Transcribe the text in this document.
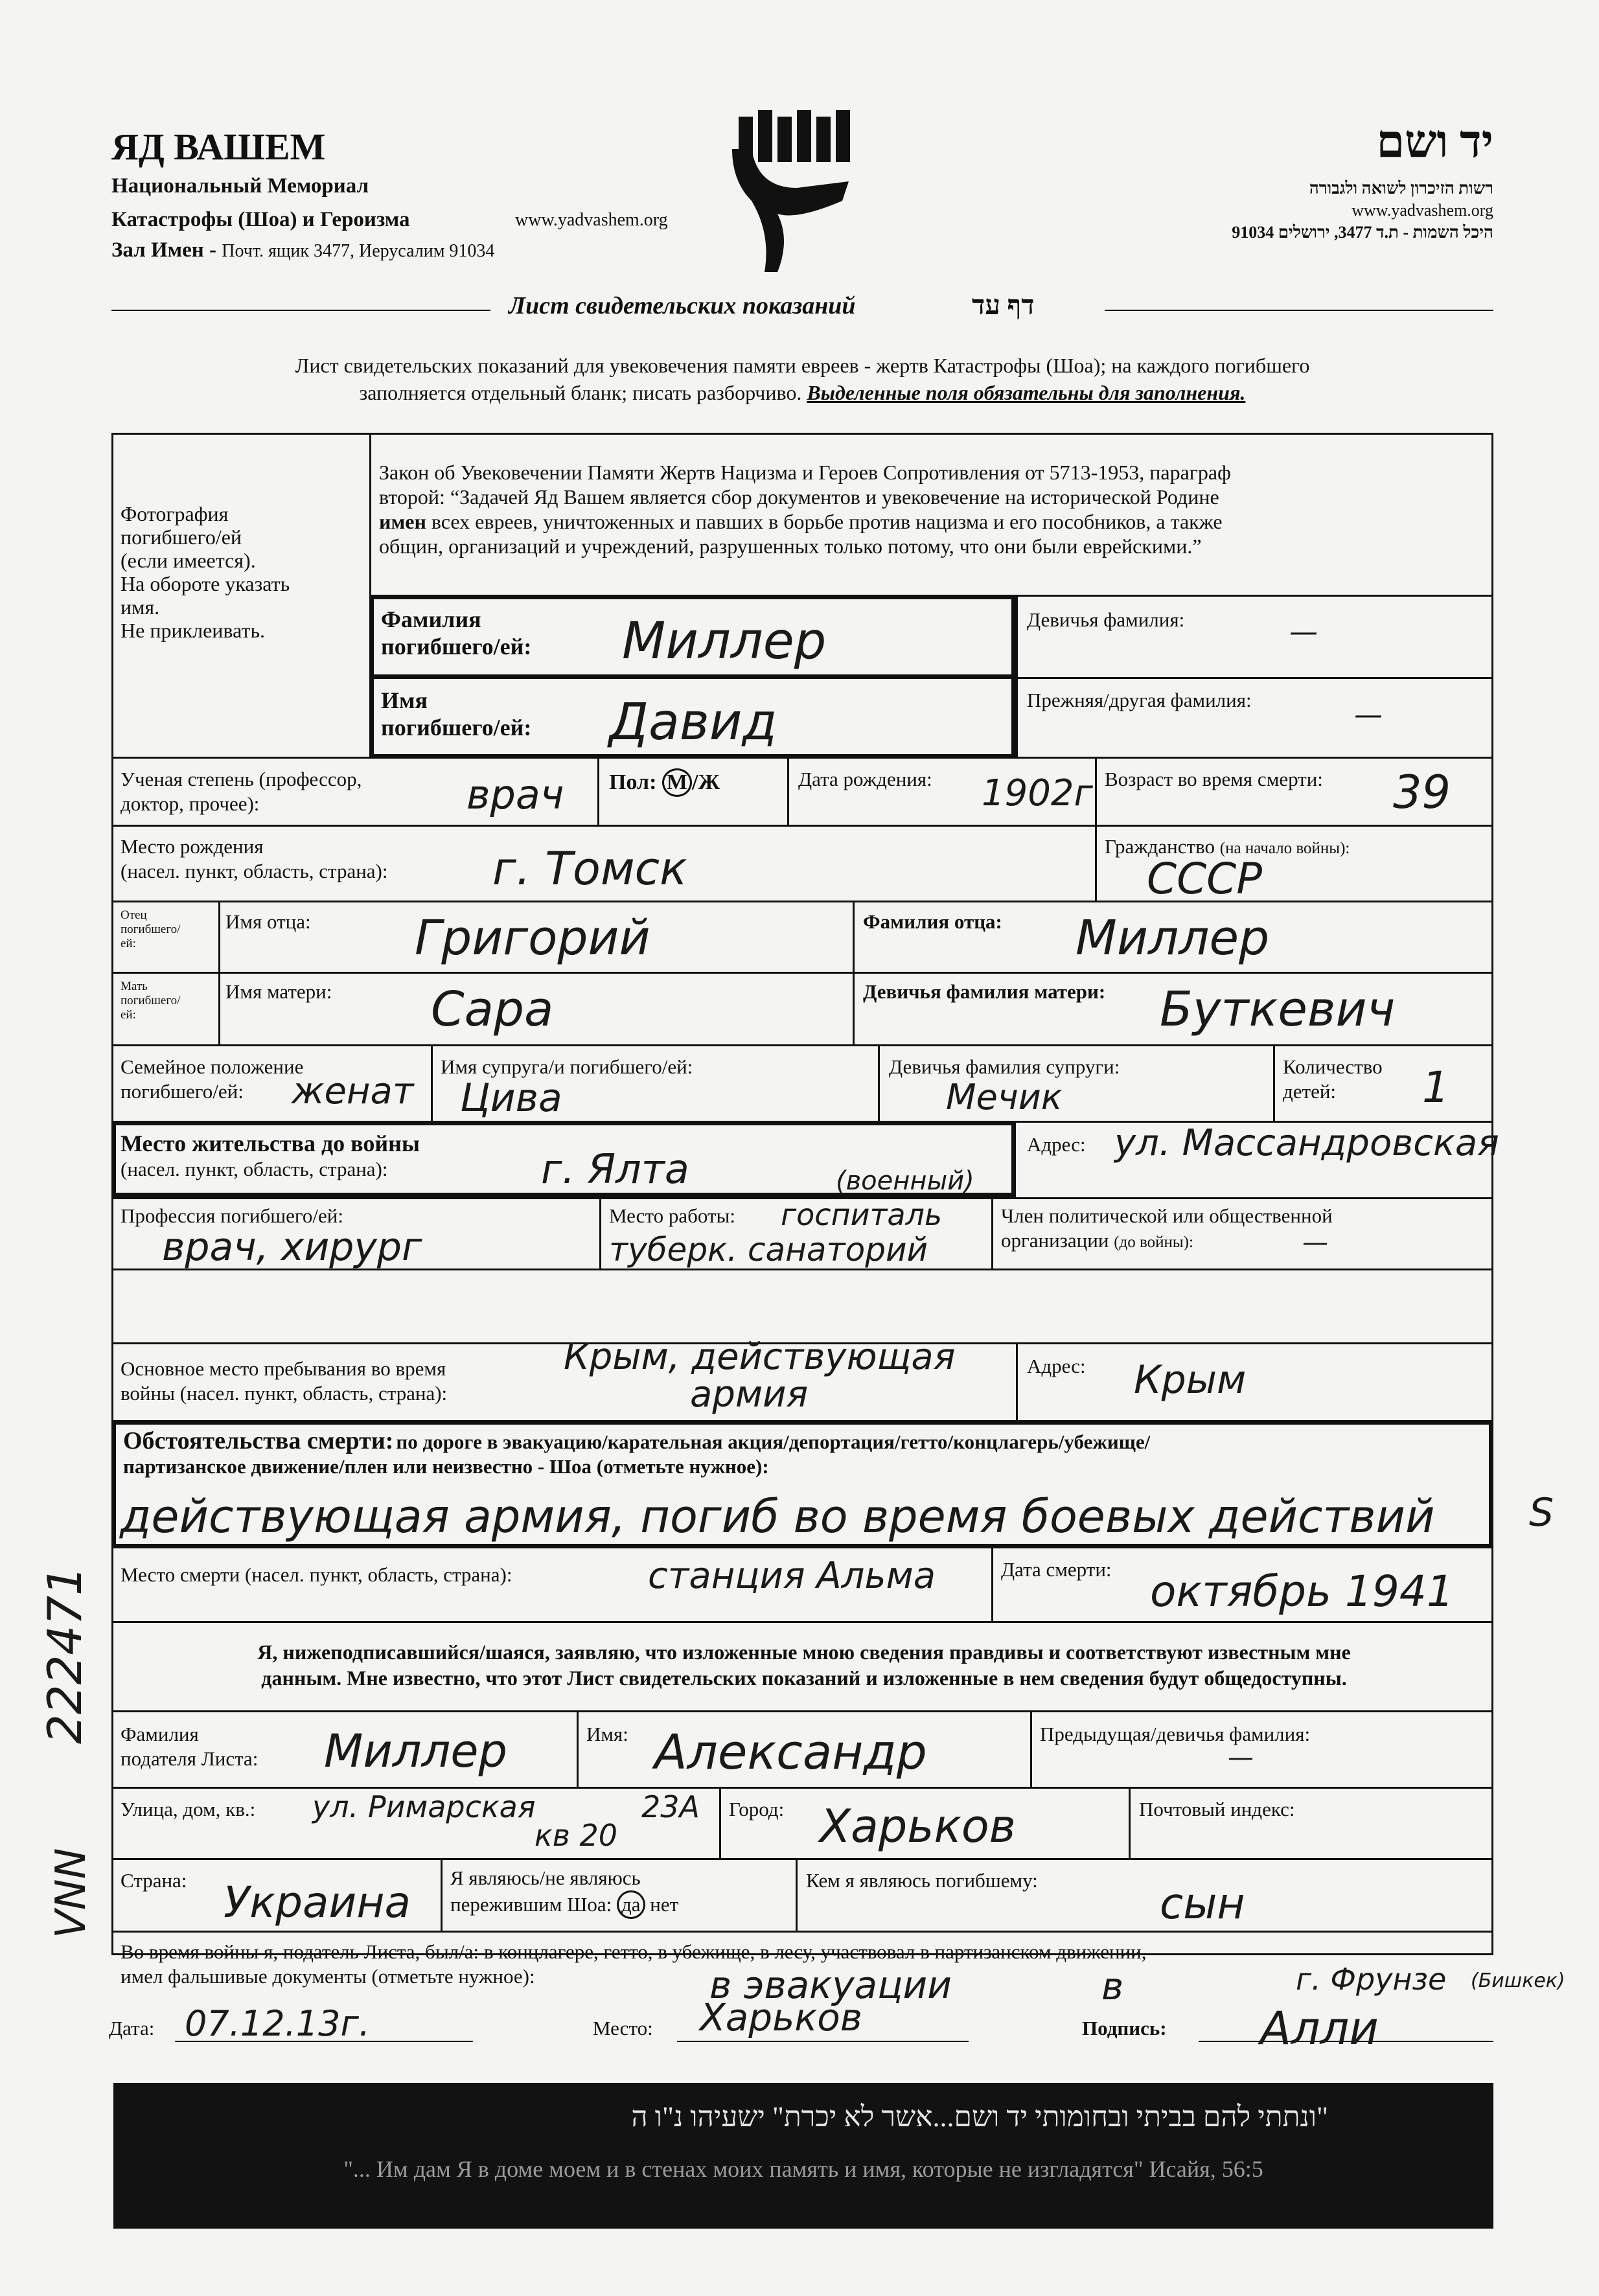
ЯД ВАШЕМ
Национальный Мемориал
Катастрофы (Шоа) и Героизма	www.yadvashem.org
Зал Имен - Почт. ящик 3477, Иерусалим 91034
יד ושם
רשות הזיכרון לשואה ולגבורה
www.yadvashem.org
היכל השמות - ת.ד 3477, ירושלים 91034
Лист свидетельских показаний	דף עד
Лист свидетельских показаний для увековечения памяти евреев - жертв Катастрофы (Шоа); на каждого погибшего
заполняется отдельный бланк; писать разборчиво. Выделенные поля обязательны для заполнения.
Фотография
погибшего/ей
(если имеется).
На обороте указать
имя.
Не приклеивать.
Закон об Увековечении Памяти Жертв Нацизма и Героев Сопротивления от 5713-1953, параграф
второй: “Задачей Яд Вашем является сбор документов и увековечение на исторической Родине
имен всех евреев, уничтоженных и павших в борьбе против нацизма и его пособников, а также
общин, организаций и учреждений, разрушенных только потому, что они были еврейскими.”
Фамилия
погибшего/ей: Миллер	Девичья фамилия:	—
Имя
погибшего/ей: Давид	Прежняя/другая фамилия:	—
Ученая степень (профессор,
доктор, прочее):	врач Пол: М /Ж	Дата рождения: 1902г Возраст во время смерти: 39
Место рождения
(насел. пункт, область, страна): г. Томск	Гражданство (на начало войны):
СССР
Отец
погибшего/
ей:
Имя отца: Григорий	Фамилия отца: Миллер
Мать
погибшего/
ей:
Имя матери: Сара	Девичья фамилия матери: Буткевич
Семейное положение
погибшего/ей:	женат
Имя супруга/и погибшего/ей:
Цива
Девичья фамилия супруги:
Мечик
Количество
детей:	1
Место жительства до войны
(насел. пункт, область, страна):	г. Ялта	(военный)
Адрес: ул. Массандровская
Профессия погибшего/ей:
врач, хирург
Место работы: госпиталь
туберк. санаторий
Член политической или общественной
организации (до войны):	—
Основное место пребывания во время
войны (насел. пункт, область, страна):
Крым, действующая
армия
Адрес: Крым
Обстоятельства смерти: по дороге в эвакуацию/карательная акция/депортация/гетто/концлагерь/убежище/
партизанское движение/плен или неизвестно - Шоа (отметьте нужное):
действующая армия, погиб во время боевых действий S
Место смерти (насел. пункт, область, страна):	станция Альма	Дата смерти: октябрь 1941
Я, нижеподписавшийся/шаяся, заявляю, что изложенные мною сведения правдивы и соответствуют известным мне
данным. Мне известно, что этот Лист свидетельских показаний и изложенные в нем сведения будут общедоступны.
Фамилия
подателя Листа: Миллер	Имя: Александр	Предыдущая/девичья фамилия:
—
Улица, дом, кв.: ул. Римарская
кв 20
23А Город: Харьков	Почтовый индекс:
Страна: Украина Я являюсь/не являюсь
пережившим Шоа: да нет
Кем я являюсь погибшему:	сын
Во время войны я, податель Листа, был/а: в концлагере, гетто, в убежище, в лесу, участвовал в партизанском движении,
имел фальшивые документы (отметьте нужное):	в эвакуации	в	г. Фрунзе (Бишкек)
Дата: 07.12.13г.	Место: Харьков	Подпись: Алли
"ונתתי להם בביתי ובחומותי יד ושם...אשר לא יכרת" ישעיהו נ"ו ה
"... Им дам Я в доме моем и в стенах моих память и имя, которые не изгладятся" Исайя, 56:5
222471
VNN
